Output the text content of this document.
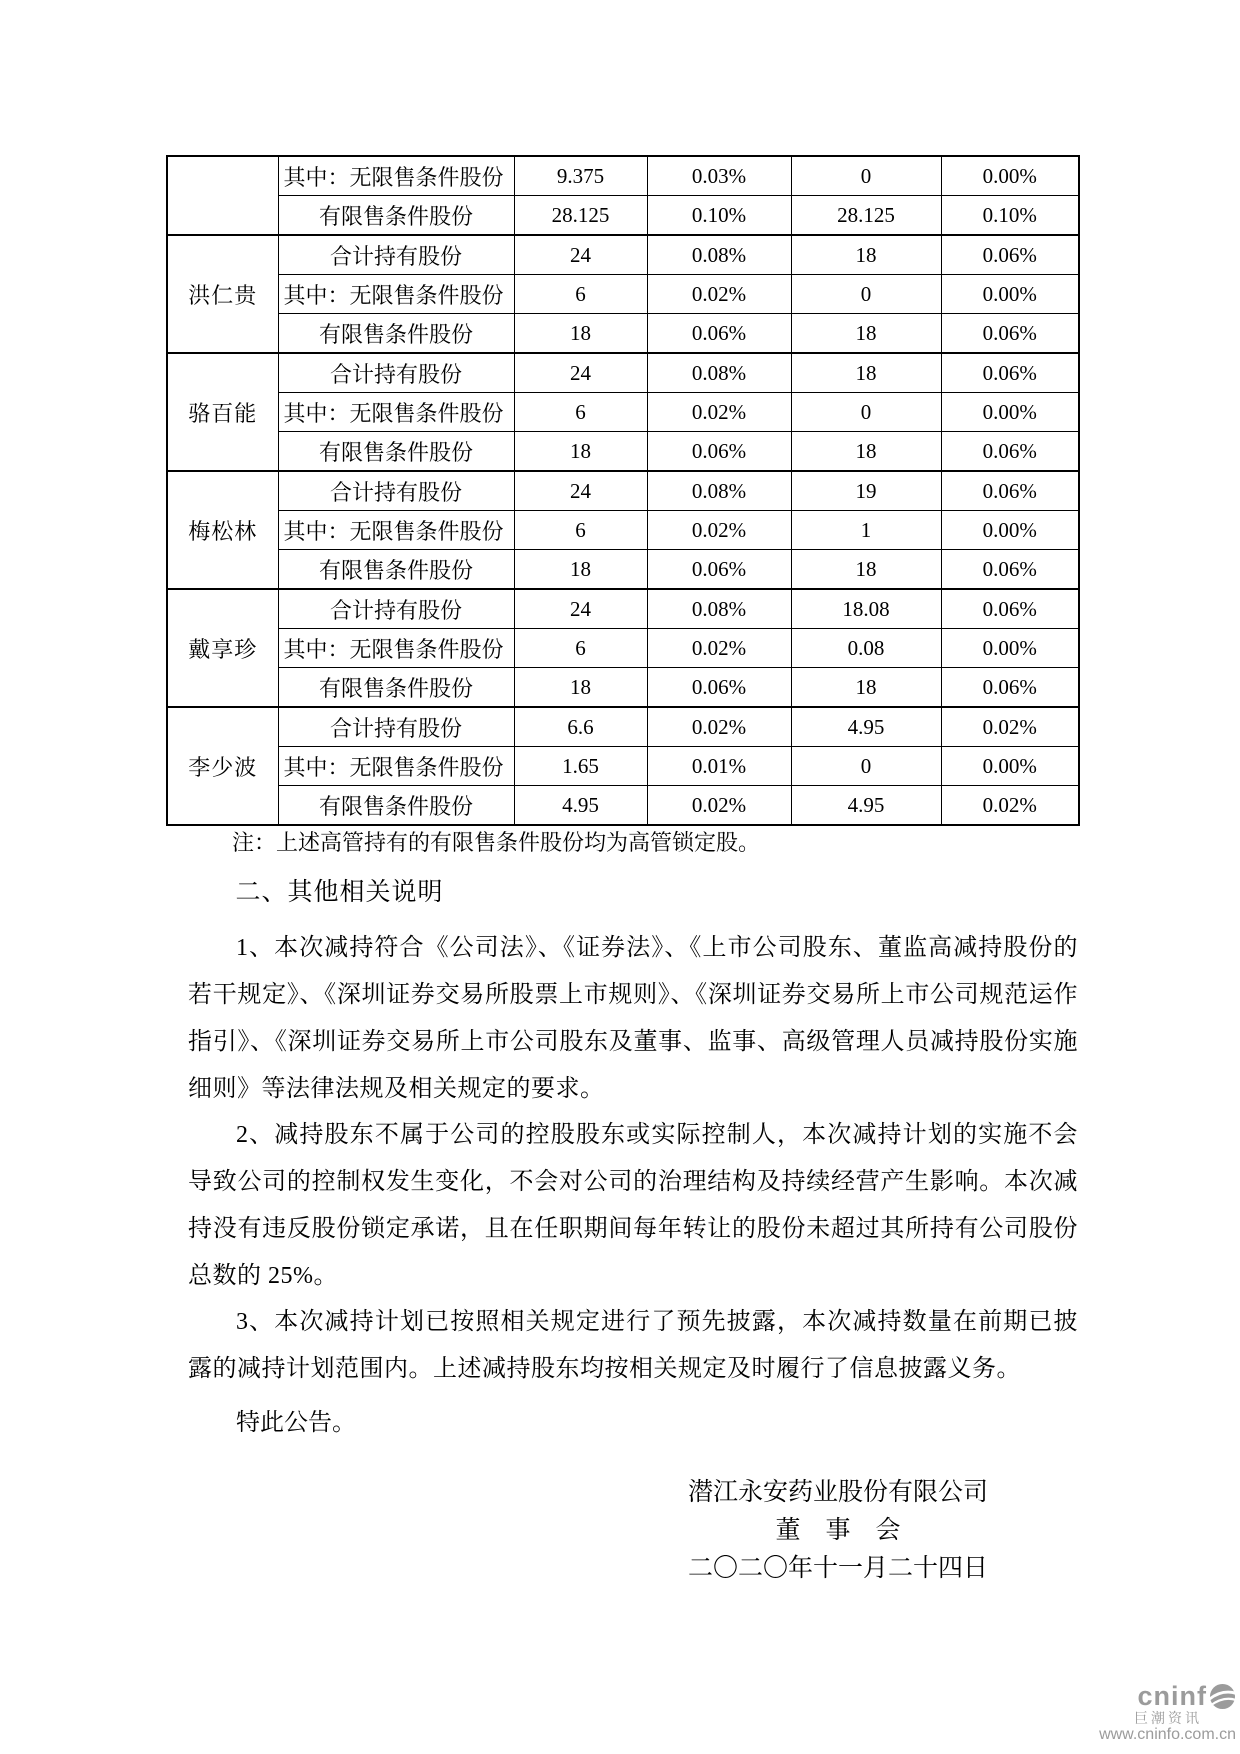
	其中：无限售条件股份	9.375	0.03%	0	0.00%
	有限售条件股份	28.125	0.10%	28.125	0.10%
洪仁贵	合计持有股份	24	0.08%	18	0.06%
	其中：无限售条件股份	6	0.02%	0	0.00%
	有限售条件股份	18	0.06%	18	0.06%
骆百能	合计持有股份	24	0.08%	18	0.06%
	其中：无限售条件股份	6	0.02%	0	0.00%
	有限售条件股份	18	0.06%	18	0.06%
梅松林	合计持有股份	24	0.08%	19	0.06%
	其中：无限售条件股份	6	0.02%	1	0.00%
	有限售条件股份	18	0.06%	18	0.06%
戴享珍	合计持有股份	24	0.08%	18.08	0.06%
	其中：无限售条件股份	6	0.02%	0.08	0.00%
	有限售条件股份	18	0.06%	18	0.06%
李少波	合计持有股份	6.6	0.02%	4.95	0.02%
	其中：无限售条件股份	1.65	0.01%	0	0.00%
	有限售条件股份	4.95	0.02%	4.95	0.02%
注：上述高管持有的有限售条件股份均为高管锁定股。
二、其他相关说明
1、本次减持符合《公司法》、《证券法》、《上市公司股东、董监高减持股份的若干规定》、《深圳证券交易所股票上市规则》、《深圳证券交易所上市公司规范运作指引》、《深圳证券交易所上市公司股东及董事、监事、高级管理人员减持股份实施细则》等法律法规及相关规定的要求。
2、减持股东不属于公司的控股股东或实际控制人，本次减持计划的实施不会导致公司的控制权发生变化，不会对公司的治理结构及持续经营产生影响。本次减持没有违反股份锁定承诺，且在任职期间每年转让的股份未超过其所持有公司股份总数的 25%。
3、本次减持计划已按照相关规定进行了预先披露，本次减持数量在前期已披露的减持计划范围内。上述减持股东均按相关规定及时履行了信息披露义务。
特此公告。
潜江永安药业股份有限公司
董　事　会
二〇二〇年十一月二十四日
cninf
巨潮资讯
www.cninfo.com.cn
